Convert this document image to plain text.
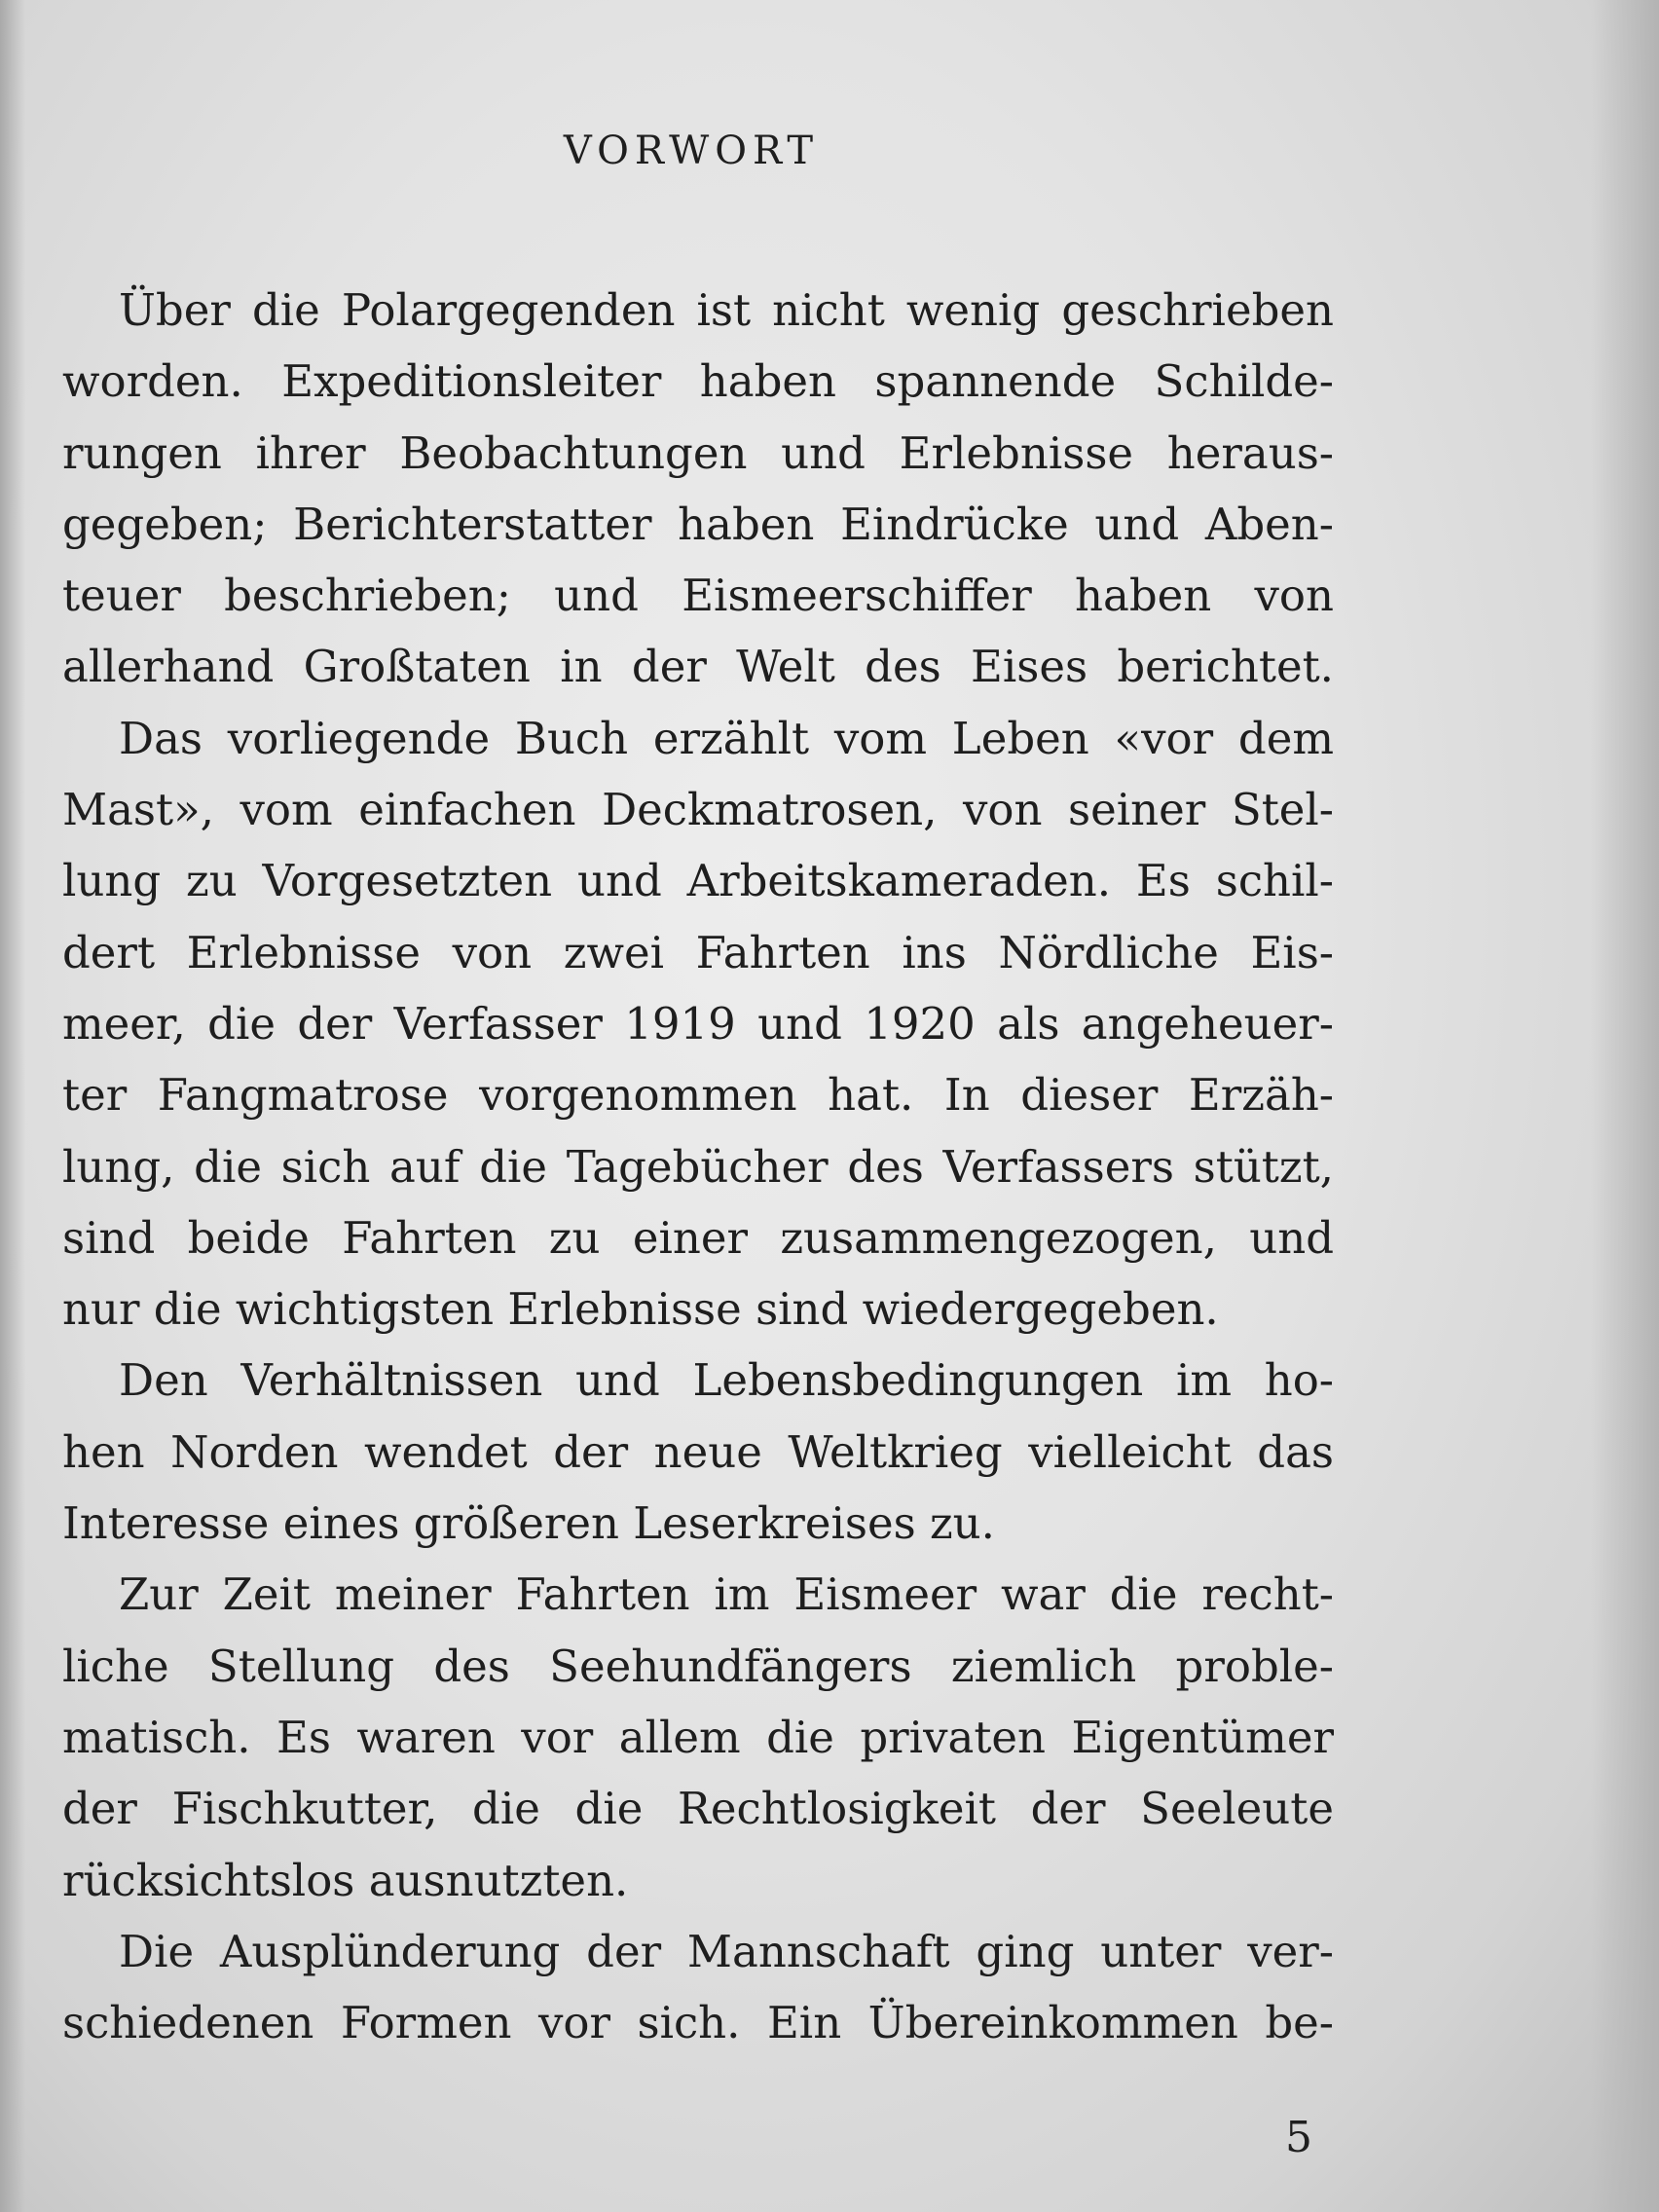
VORWORT
Über die Polargegenden ist nicht wenig geschrieben
worden. Expeditionsleiter haben spannende Schilde-
rungen ihrer Beobachtungen und Erlebnisse heraus-
gegeben; Berichterstatter haben Eindrücke und Aben-
teuer beschrieben; und Eismeerschiffer haben von
allerhand Großtaten in der Welt des Eises berichtet.
Das vorliegende Buch erzählt vom Leben «vor dem
Mast», vom einfachen Deckmatrosen, von seiner Stel-
lung zu Vorgesetzten und Arbeitskameraden. Es schil-
dert Erlebnisse von zwei Fahrten ins Nördliche Eis-
meer, die der Verfasser 1919 und 1920 als angeheuer-
ter Fangmatrose vorgenommen hat. In dieser Erzäh-
lung, die sich auf die Tagebücher des Verfassers stützt,
sind beide Fahrten zu einer zusammengezogen, und
nur die wichtigsten Erlebnisse sind wiedergegeben.
Den Verhältnissen und Lebensbedingungen im ho-
hen Norden wendet der neue Weltkrieg vielleicht das
Interesse eines größeren Leserkreises zu.
Zur Zeit meiner Fahrten im Eismeer war die recht-
liche Stellung des Seehundfängers ziemlich proble-
matisch. Es waren vor allem die privaten Eigentümer
der Fischkutter, die die Rechtlosigkeit der Seeleute
rücksichtslos ausnutzten.
Die Ausplünderung der Mannschaft ging unter ver-
schiedenen Formen vor sich. Ein Übereinkommen be-

5
